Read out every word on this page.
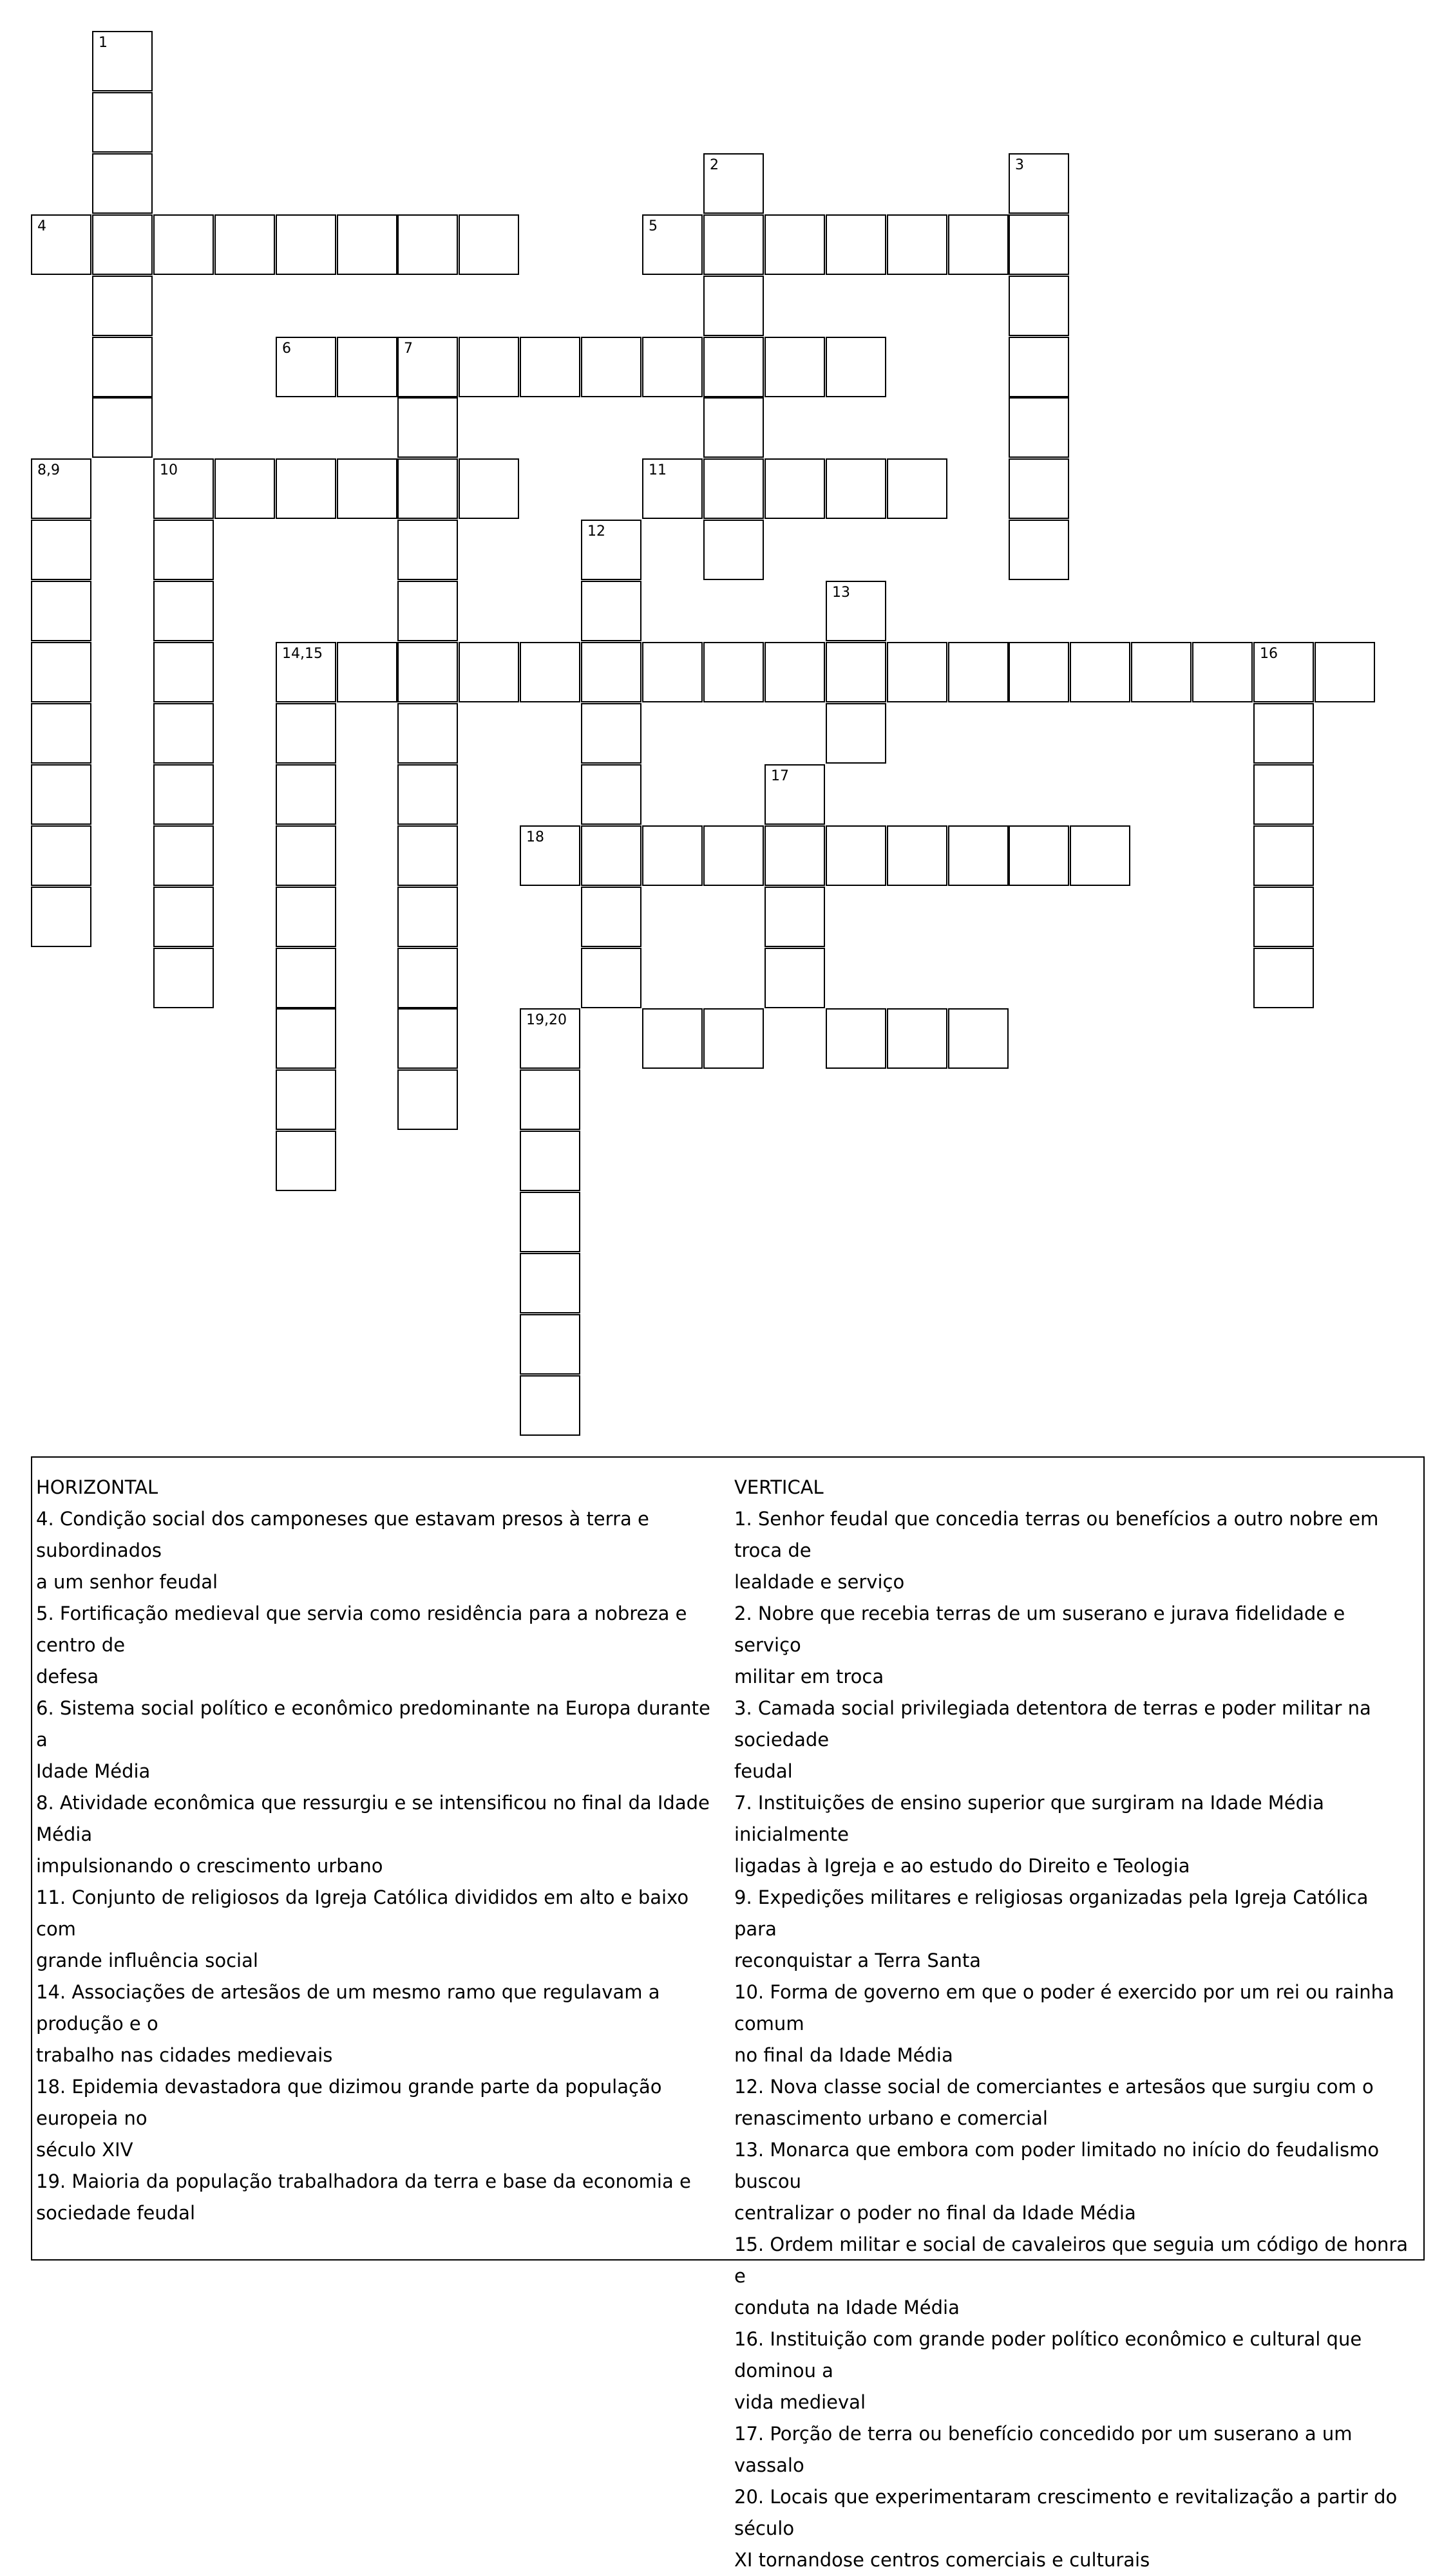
1
4
2	3
5
6	7
8,9	10	11
12
13
14,15	16
17
18
19,20
HORIZONTAL
4. Condição social dos camponeses que estavam presos à terra e subordinados
a um senhor feudal
5. Fortificação medieval que servia como residência para a nobreza e centro de
defesa
6. Sistema social político e econômico predominante na Europa durante a
Idade Média
8. Atividade econômica que ressurgiu e se intensificou no final da Idade Média
impulsionando o crescimento urbano
11. Conjunto de religiosos da Igreja Católica divididos em alto e baixo com
grande influência social
14. Associações de artesãos de um mesmo ramo que regulavam a produção e o
trabalho nas cidades medievais
18. Epidemia devastadora que dizimou grande parte da população europeia no
século XIV
19. Maioria da população trabalhadora da terra e base da economia e
sociedade feudal
VERTICAL
1. Senhor feudal que concedia terras ou benefícios a outro nobre em troca de
lealdade e serviço
2. Nobre que recebia terras de um suserano e jurava fidelidade e serviço
militar em troca
3. Camada social privilegiada detentora de terras e poder militar na sociedade
feudal
7. Instituições de ensino superior que surgiram na Idade Média inicialmente
ligadas à Igreja e ao estudo do Direito e Teologia
9. Expedições militares e religiosas organizadas pela Igreja Católica para
reconquistar a Terra Santa
10. Forma de governo em que o poder é exercido por um rei ou rainha comum
no final da Idade Média
12. Nova classe social de comerciantes e artesãos que surgiu com o
renascimento urbano e comercial
13. Monarca que embora com poder limitado no início do feudalismo buscou
centralizar o poder no final da Idade Média
15. Ordem militar e social de cavaleiros que seguia um código de honra e
conduta na Idade Média
16. Instituição com grande poder político econômico e cultural que dominou a
vida medieval
17. Porção de terra ou benefício concedido por um suserano a um vassalo
20. Locais que experimentaram crescimento e revitalização a partir do século
XI tornandose centros comerciais e culturais
